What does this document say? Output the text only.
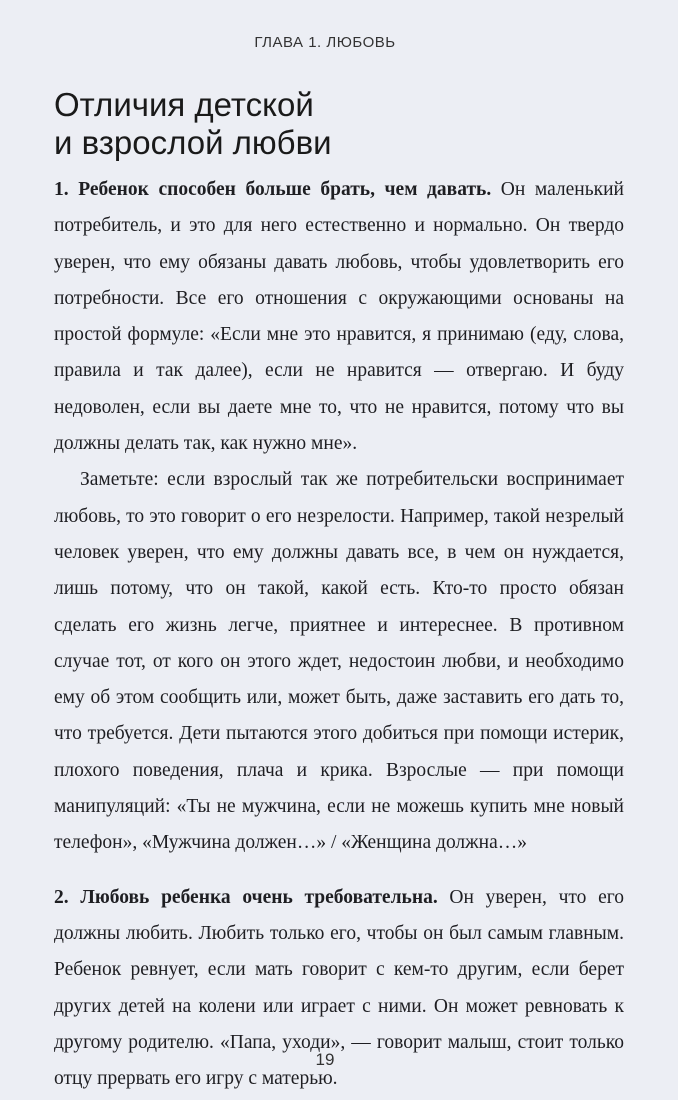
ГЛАВА 1. ЛЮБОВЬ
Отличия детской
и взрослой любви

1. Ребенок способен больше брать, чем давать. Он маленький потребитель, и это для него естественно и нормально. Он твердо уверен, что ему обязаны давать любовь, чтобы удовлетворить его потребности. Все его отношения с окружающими основаны на простой формуле: «Если мне это нравится, я принимаю (еду, слова, правила и так далее), если не нравится — отвергаю. И буду недоволен, если вы даете мне то, что не нравится, потому что вы должны делать так, как нужно мне».

Заметьте: если взрослый так же потребительски воспринимает любовь, то это говорит о его незрелости. Например, такой незрелый человек уверен, что ему должны давать все, в чем он нуждается, лишь потому, что он такой, какой есть. Кто-то просто обязан сделать его жизнь легче, приятнее и интереснее. В противном случае тот, от кого он этого ждет, недостоин любви, и необходимо ему об этом сообщить или, может быть, даже заставить его дать то, что требуется. Дети пытаются этого добиться при помощи истерик, плохого поведения, плача и крика. Взрослые — при помощи манипуляций: «Ты не мужчина, если не можешь купить мне новый телефон», «Мужчина должен…» / «Женщина должна…»

2. Любовь ребенка очень требовательна. Он уверен, что его должны любить. Любить только его, чтобы он был самым главным. Ребенок ревнует, если мать говорит с кем-то другим, если берет других детей на колени или играет с ними. Он может ревновать к другому родителю. «Папа, уходи», — говорит малыш, стоит только отцу прервать его игру с матерью.

19
